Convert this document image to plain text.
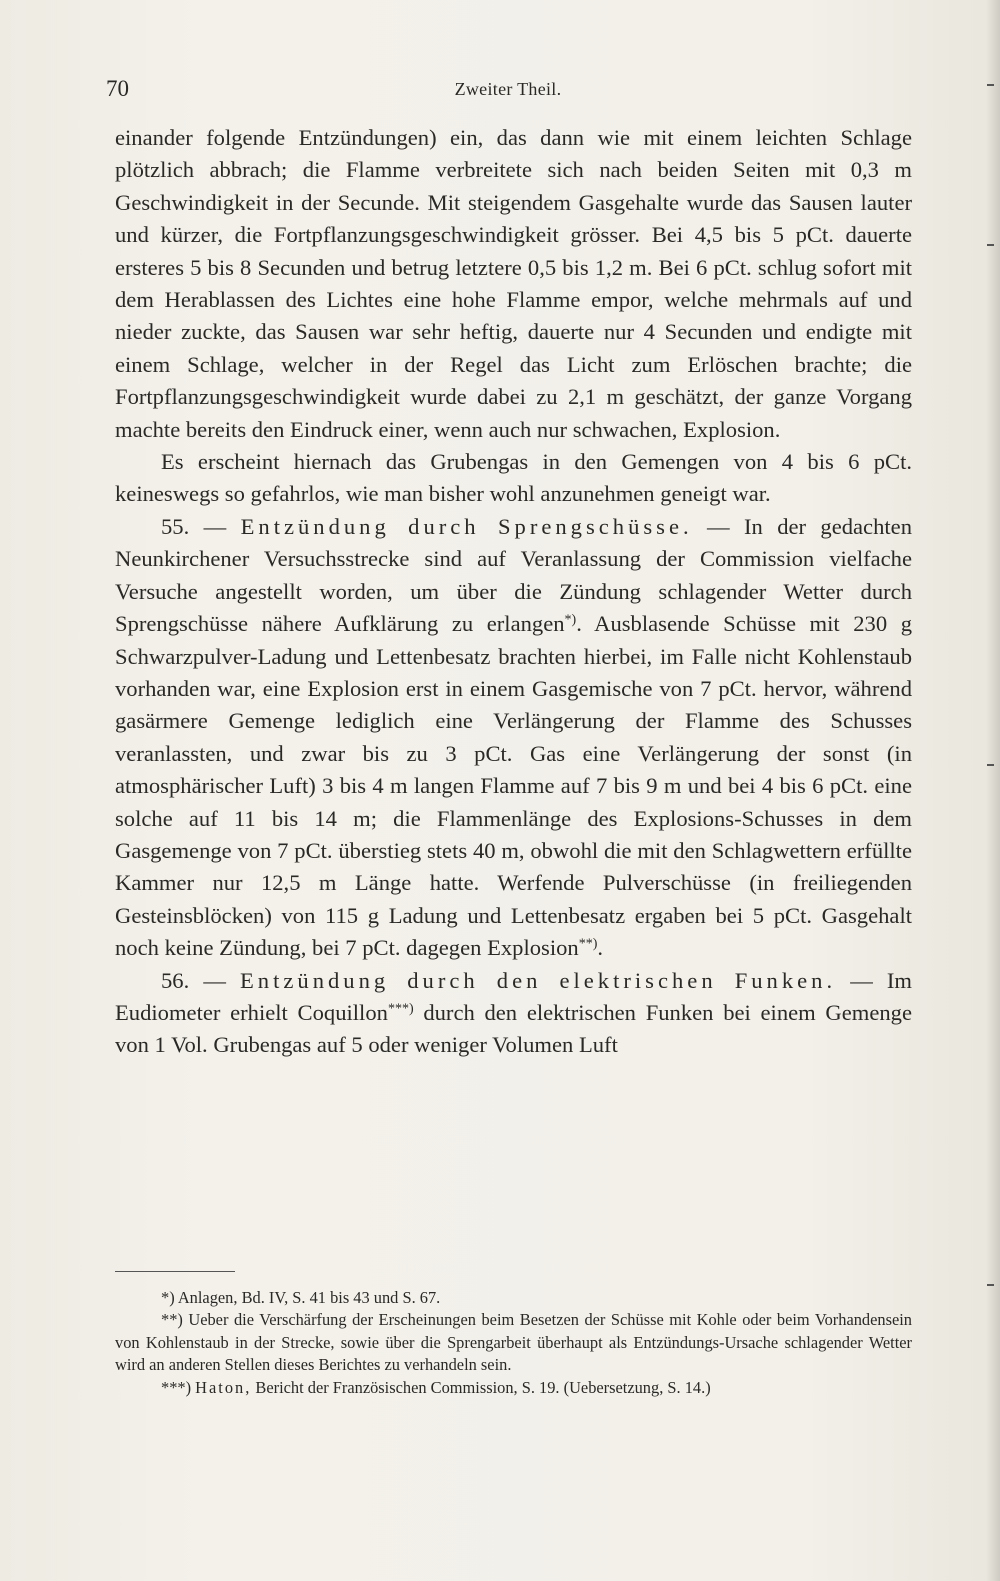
70	Zweiter Theil.

einander folgende Entzündungen) ein, das dann wie mit einem leichten Schlage plötzlich abbrach; die Flamme verbreitete sich nach beiden Seiten mit 0,3 m Geschwindigkeit in der Secunde. Mit steigendem Gasgehalte wurde das Sausen lauter und kürzer, die Fortpflanzungsgeschwindigkeit grösser. Bei 4,5 bis 5 pCt. dauerte ersteres 5 bis 8 Secunden und betrug letztere 0,5 bis 1,2 m. Bei 6 pCt. schlug sofort mit dem Herablassen des Lichtes eine hohe Flamme empor, welche mehrmals auf und nieder zuckte, das Sausen war sehr heftig, dauerte nur 4 Secunden und endigte mit einem Schlage, welcher in der Regel das Licht zum Erlöschen brachte; die Fortpflanzungsgeschwindigkeit wurde dabei zu 2,1 m geschätzt, der ganze Vorgang machte bereits den Eindruck einer, wenn auch nur schwachen, Explosion.

Es erscheint hiernach das Grubengas in den Gemengen von 4 bis 6 pCt. keineswegs so gefahrlos, wie man bisher wohl anzunehmen geneigt war.

55. — Entzündung durch Sprengschüsse. — In der gedachten Neunkirchener Versuchsstrecke sind auf Veranlassung der Commission vielfache Versuche angestellt worden, um über die Zündung schlagender Wetter durch Sprengschüsse nähere Aufklärung zu erlangen*). Ausblasende Schüsse mit 230 g Schwarzpulver-Ladung und Lettenbesatz brachten hierbei, im Falle nicht Kohlenstaub vorhanden war, eine Explosion erst in einem Gasgemische von 7 pCt. hervor, während gasärmere Gemenge lediglich eine Verlängerung der Flamme des Schusses veranlassten, und zwar bis zu 3 pCt. Gas eine Verlängerung der sonst (in atmosphärischer Luft) 3 bis 4 m langen Flamme auf 7 bis 9 m und bei 4 bis 6 pCt. eine solche auf 11 bis 14 m; die Flammenlänge des Explosions-Schusses in dem Gasgemenge von 7 pCt. überstieg stets 40 m, obwohl die mit den Schlagwettern erfüllte Kammer nur 12,5 m Länge hatte. Werfende Pulverschüsse (in freiliegenden Gesteinsblöcken) von 115 g Ladung und Lettenbesatz ergaben bei 5 pCt. Gasgehalt noch keine Zündung, bei 7 pCt. dagegen Explosion**).

56. — Entzündung durch den elektrischen Funken. — Im Eudiometer erhielt Coquillon***) durch den elektrischen Funken bei einem Gemenge von 1 Vol. Grubengas auf 5 oder weniger Volumen Luft

*) Anlagen, Bd. IV, S. 41 bis 43 und S. 67.

**) Ueber die Verschärfung der Erscheinungen beim Besetzen der Schüsse mit Kohle oder beim Vorhandensein von Kohlenstaub in der Strecke, sowie über die Sprengarbeit überhaupt als Entzündungs-Ursache schlagender Wetter wird an anderen Stellen dieses Berichtes zu verhandeln sein.

***) Haton, Bericht der Französischen Commission, S. 19. (Uebersetzung, S. 14.)
